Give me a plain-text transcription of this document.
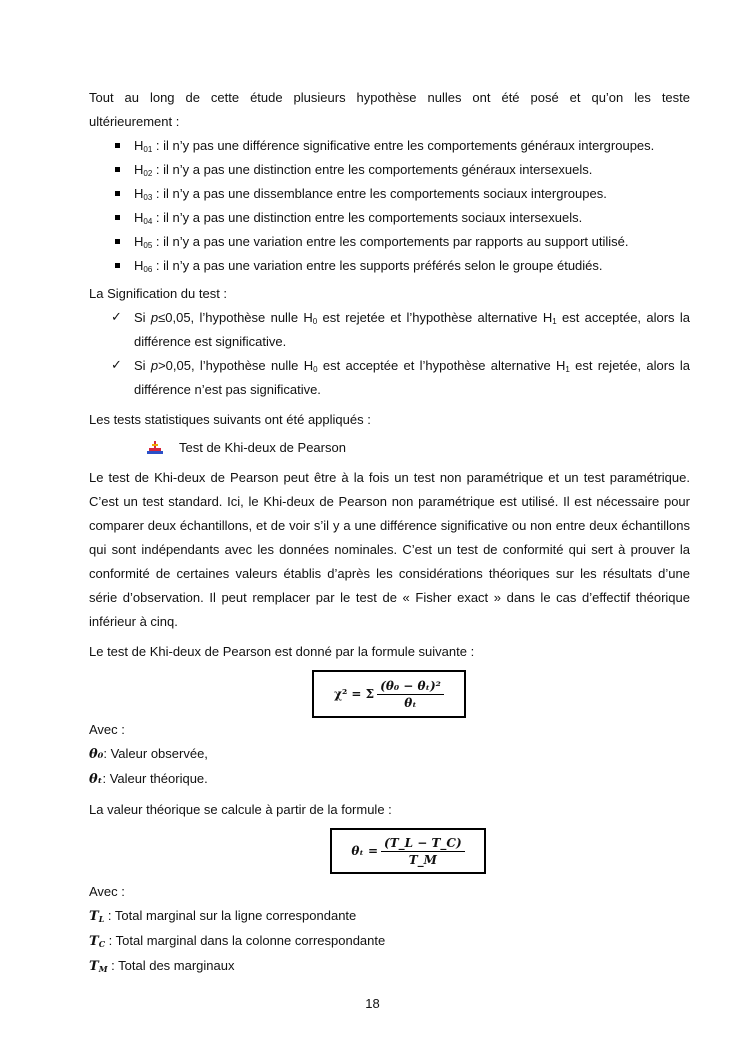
Tout au long de cette étude plusieurs hypothèse nulles ont été posé et qu’on les teste

ultérieurement :

$H_{01}$ : il n’y pas une différence significative entre les comportements généraux intergroupes.
$H_{02}$ : il n’y a pas une distinction entre les comportements généraux intersexuels.
$H_{03}$ : il n’y a pas une dissemblance entre les comportements sociaux intergroupes.
$H_{04}$ : il n’y a pas une distinction entre les comportements sociaux intersexuels.
$H_{05}$ : il n’y a pas une variation entre les comportements par rapports au support utilisé.
$H_{06}$ : il n’y a pas une variation entre les supports préférés selon le groupe étudiés.

La Signification du test :

✓ Si p≤0,05, l’hypothèse nulle $H_0$ est rejetée et l’hypothèse alternative $H_1$ est acceptée, alors la différence est significative.
✓ Si p>0,05, l’hypothèse nulle $H_0$ est acceptée et l’hypothèse alternative $H_1$ est rejetée, alors la différence n’est pas significative.

Les tests statistiques suivants ont été appliqués :

Test de Khi-deux de Pearson

Le test de Khi-deux de Pearson peut être à la fois un test non paramétrique et un test paramétrique. C’est un test standard. Ici, le Khi-deux de Pearson non paramétrique est utilisé. Il est nécessaire pour comparer deux échantillons, et de voir s’il y a une différence significative ou non entre deux échantillons qui sont indépendants avec les données nominales. C’est un test de conformité qui sert à prouver la conformité de certaines valeurs établis d’après les considérations théoriques sur les résultats d’une série d’observation. Il peut remplacer par le test de « Fisher exact » dans le cas d’effectif théorique inférieur à cinq.

Le test de Khi-deux de Pearson est donné par la formule suivante :

χ² = Σ $\frac{\text{(θ₀ − θₜ)²}}{\text{θₜ}}$

Avec :

θ₀: Valeur observée,

θₜ: Valeur théorique.

La valeur théorique se calcule à partir de la formule :

$\theta_t = \frac{(T\_L - T\_C)}{T\_M}$

Avec :

$T_L$ : Total marginal sur la ligne correspondante

$T_C$ : Total marginal dans la colonne correspondante

$T_M$ : Total des marginaux

18
